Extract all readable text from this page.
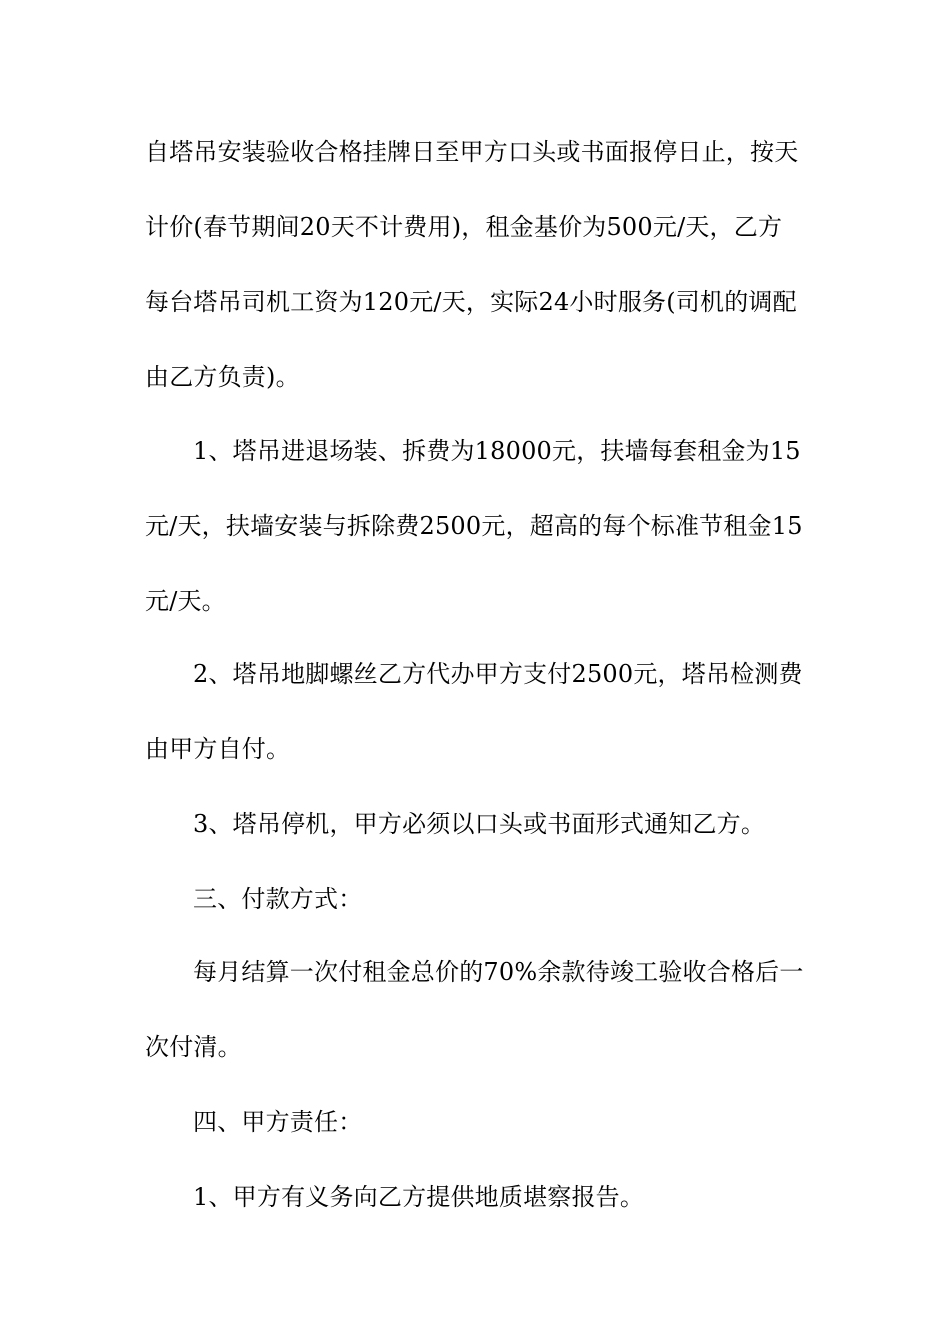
自塔吊安装验收合格挂牌日至甲方口头或书面报停日止，按天
计价(春节期间20天不计费用)，租金基价为500元/天，乙方
每台塔吊司机工资为120元/天，实际24小时服务(司机的调配
由乙方负责)。
1、塔吊进退场装、拆费为18000元，扶墙每套租金为15
元/天，扶墙安装与拆除费2500元，超高的每个标准节租金15
元/天。
2、塔吊地脚螺丝乙方代办甲方支付2500元，塔吊检测费
由甲方自付。
3、塔吊停机，甲方必须以口头或书面形式通知乙方。
三、付款方式：
每月结算一次付租金总价的70%余款待竣工验收合格后一
次付清。
四、甲方责任：
1、甲方有义务向乙方提供地质堪察报告。
